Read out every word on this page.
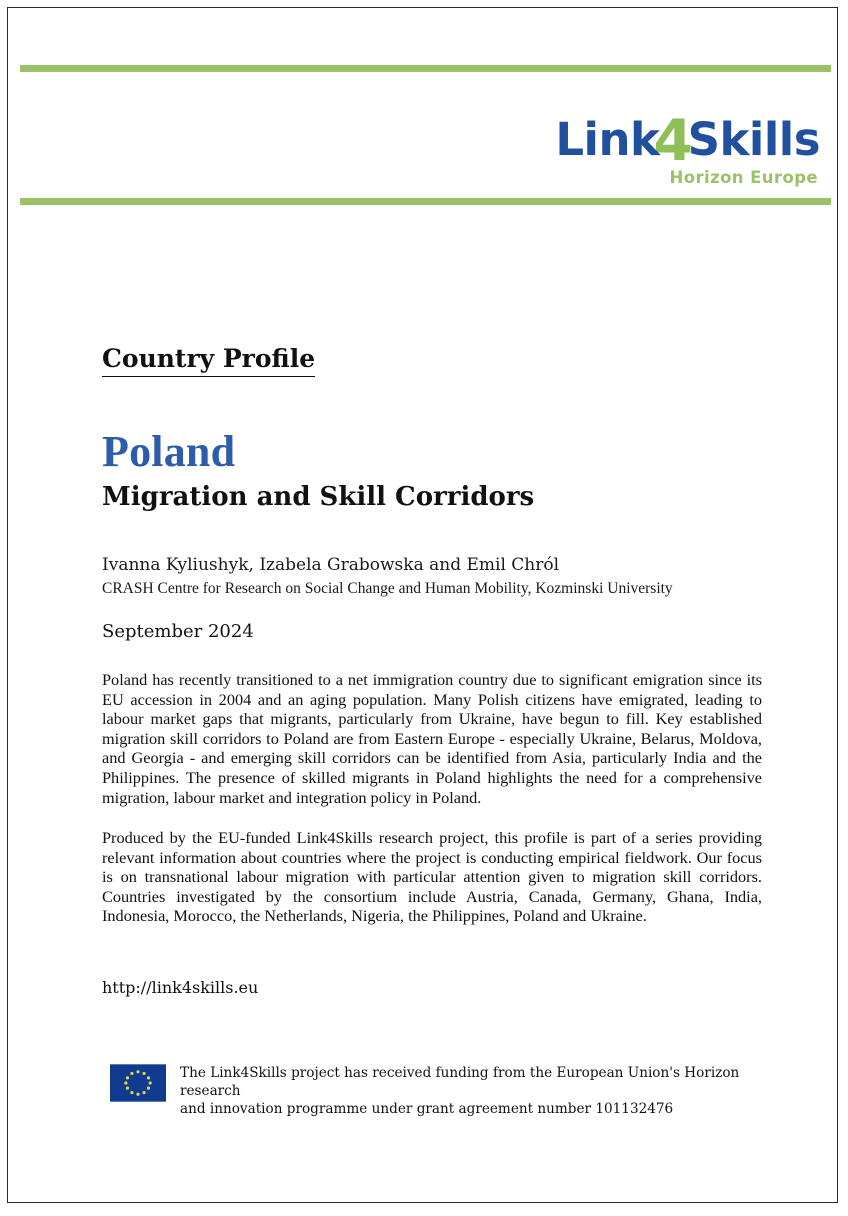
Link4Skills
Horizon Europe
Country Profile
Poland
Migration and Skill Corridors
Ivanna Kyliushyk, Izabela Grabowska and Emil Chról
CRASH Centre for Research on Social Change and Human Mobility, Kozminski University
September 2024

Poland has recently transitioned to a net immigration country due to significant emigration since its EU accession in 2004 and an aging population. Many Polish citizens have emigrated, leading to labour market gaps that migrants, particularly from Ukraine, have begun to fill. Key established migration skill corridors to Poland are from Eastern Europe - especially Ukraine, Belarus, Moldova, and Georgia - and emerging skill corridors can be identified from Asia, particularly India and the Philippines. The presence of skilled migrants in Poland highlights the need for a comprehensive migration, labour market and integration policy in Poland.

Produced by the EU-funded Link4Skills research project, this profile is part of a series providing relevant information about countries where the project is conducting empirical fieldwork. Our focus is on transnational labour migration with particular attention given to migration skill corridors. Countries investigated by the consortium include Austria, Canada, Germany, Ghana, India, Indonesia, Morocco, the Netherlands, Nigeria, the Philippines, Poland and Ukraine.

http://link4skills.eu
The Link4Skills project has received funding from the European Union's Horizon research
and innovation programme under grant agreement number 101132476
